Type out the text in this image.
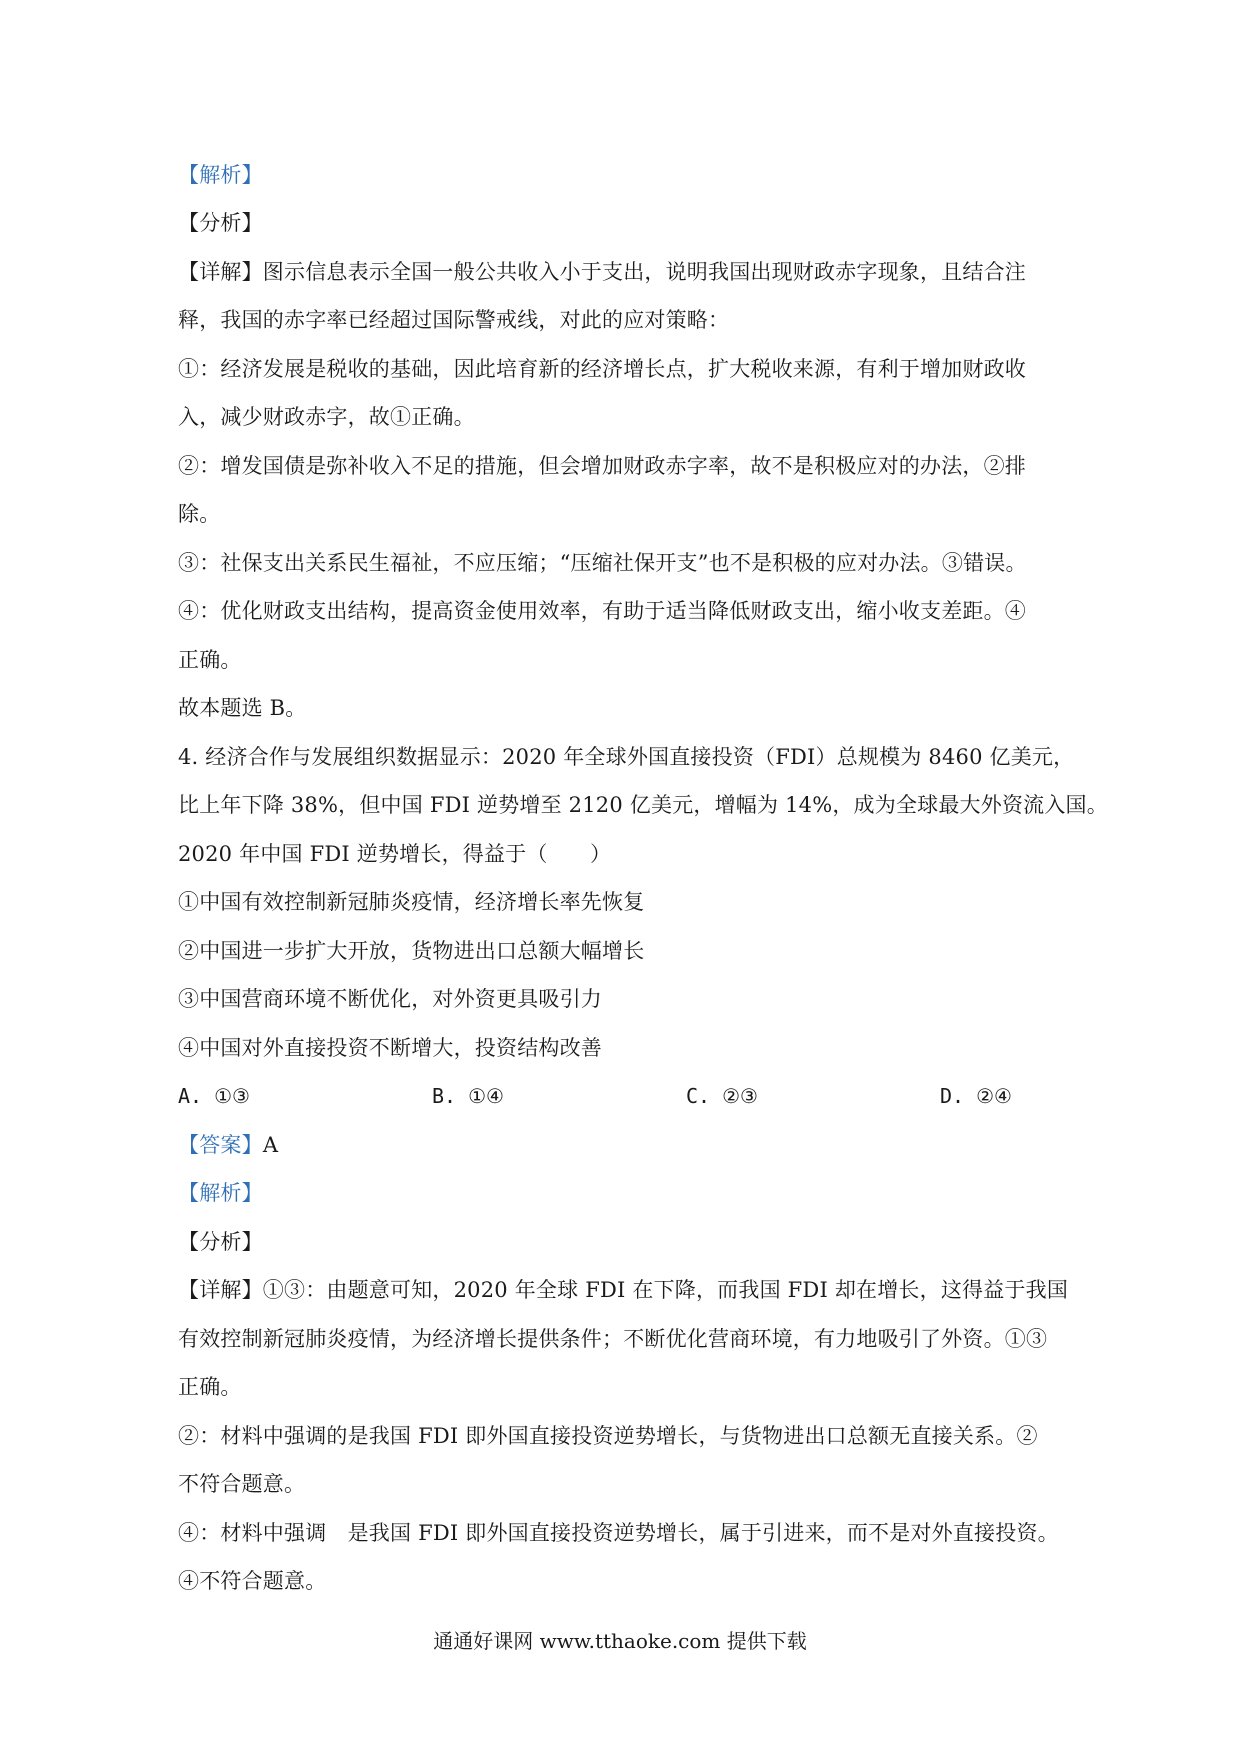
【解析】
【分析】
【详解】图示信息表示全国一般公共收入小于支出，说明我国出现财政赤字现象，且结合注
释，我国的赤字率已经超过国际警戒线，对此的应对策略：
①：经济发展是税收的基础，因此培育新的经济增长点，扩大税收来源，有利于增加财政收
入，减少财政赤字，故①正确。
②：增发国债是弥补收入不足的措施，但会增加财政赤字率，故不是积极应对的办法，②排
除。
③：社保支出关系民生福祉，不应压缩；“压缩社保开支”也不是积极的应对办法。③错误。
④：优化财政支出结构，提高资金使用效率，有助于适当降低财政支出，缩小收支差距。④
正确。
故本题选 B。
4. 经济合作与发展组织数据显示：2020 年全球外国直接投资（FDI）总规模为 8460 亿美元，
比上年下降 38%，但中国 FDI 逆势增至 2120 亿美元，增幅为 14%，成为全球最大外资流入国。
2020 年中国 FDI 逆势增长，得益于（　　）
①中国有效控制新冠肺炎疫情，经济增长率先恢复
②中国进一步扩大开放，货物进出口总额大幅增长
③中国营商环境不断优化，对外资更具吸引力
④中国对外直接投资不断增大，投资结构改善
A. ①③	B. ①④	C. ②③	D. ②④
【答案】A
【解析】
【分析】
【详解】①③：由题意可知，2020 年全球 FDI 在下降，而我国 FDI 却在增长，这得益于我国
有效控制新冠肺炎疫情，为经济增长提供条件；不断优化营商环境，有力地吸引了外资。①③
正确。
②：材料中强调的是我国 FDI 即外国直接投资逆势增长，与货物进出口总额无直接关系。②
不符合题意。
④：材料中强调　是我国 FDI 即外国直接投资逆势增长，属于引进来，而不是对外直接投资。
④不符合题意。
通通好课网 www.tthaoke.com 提供下载
